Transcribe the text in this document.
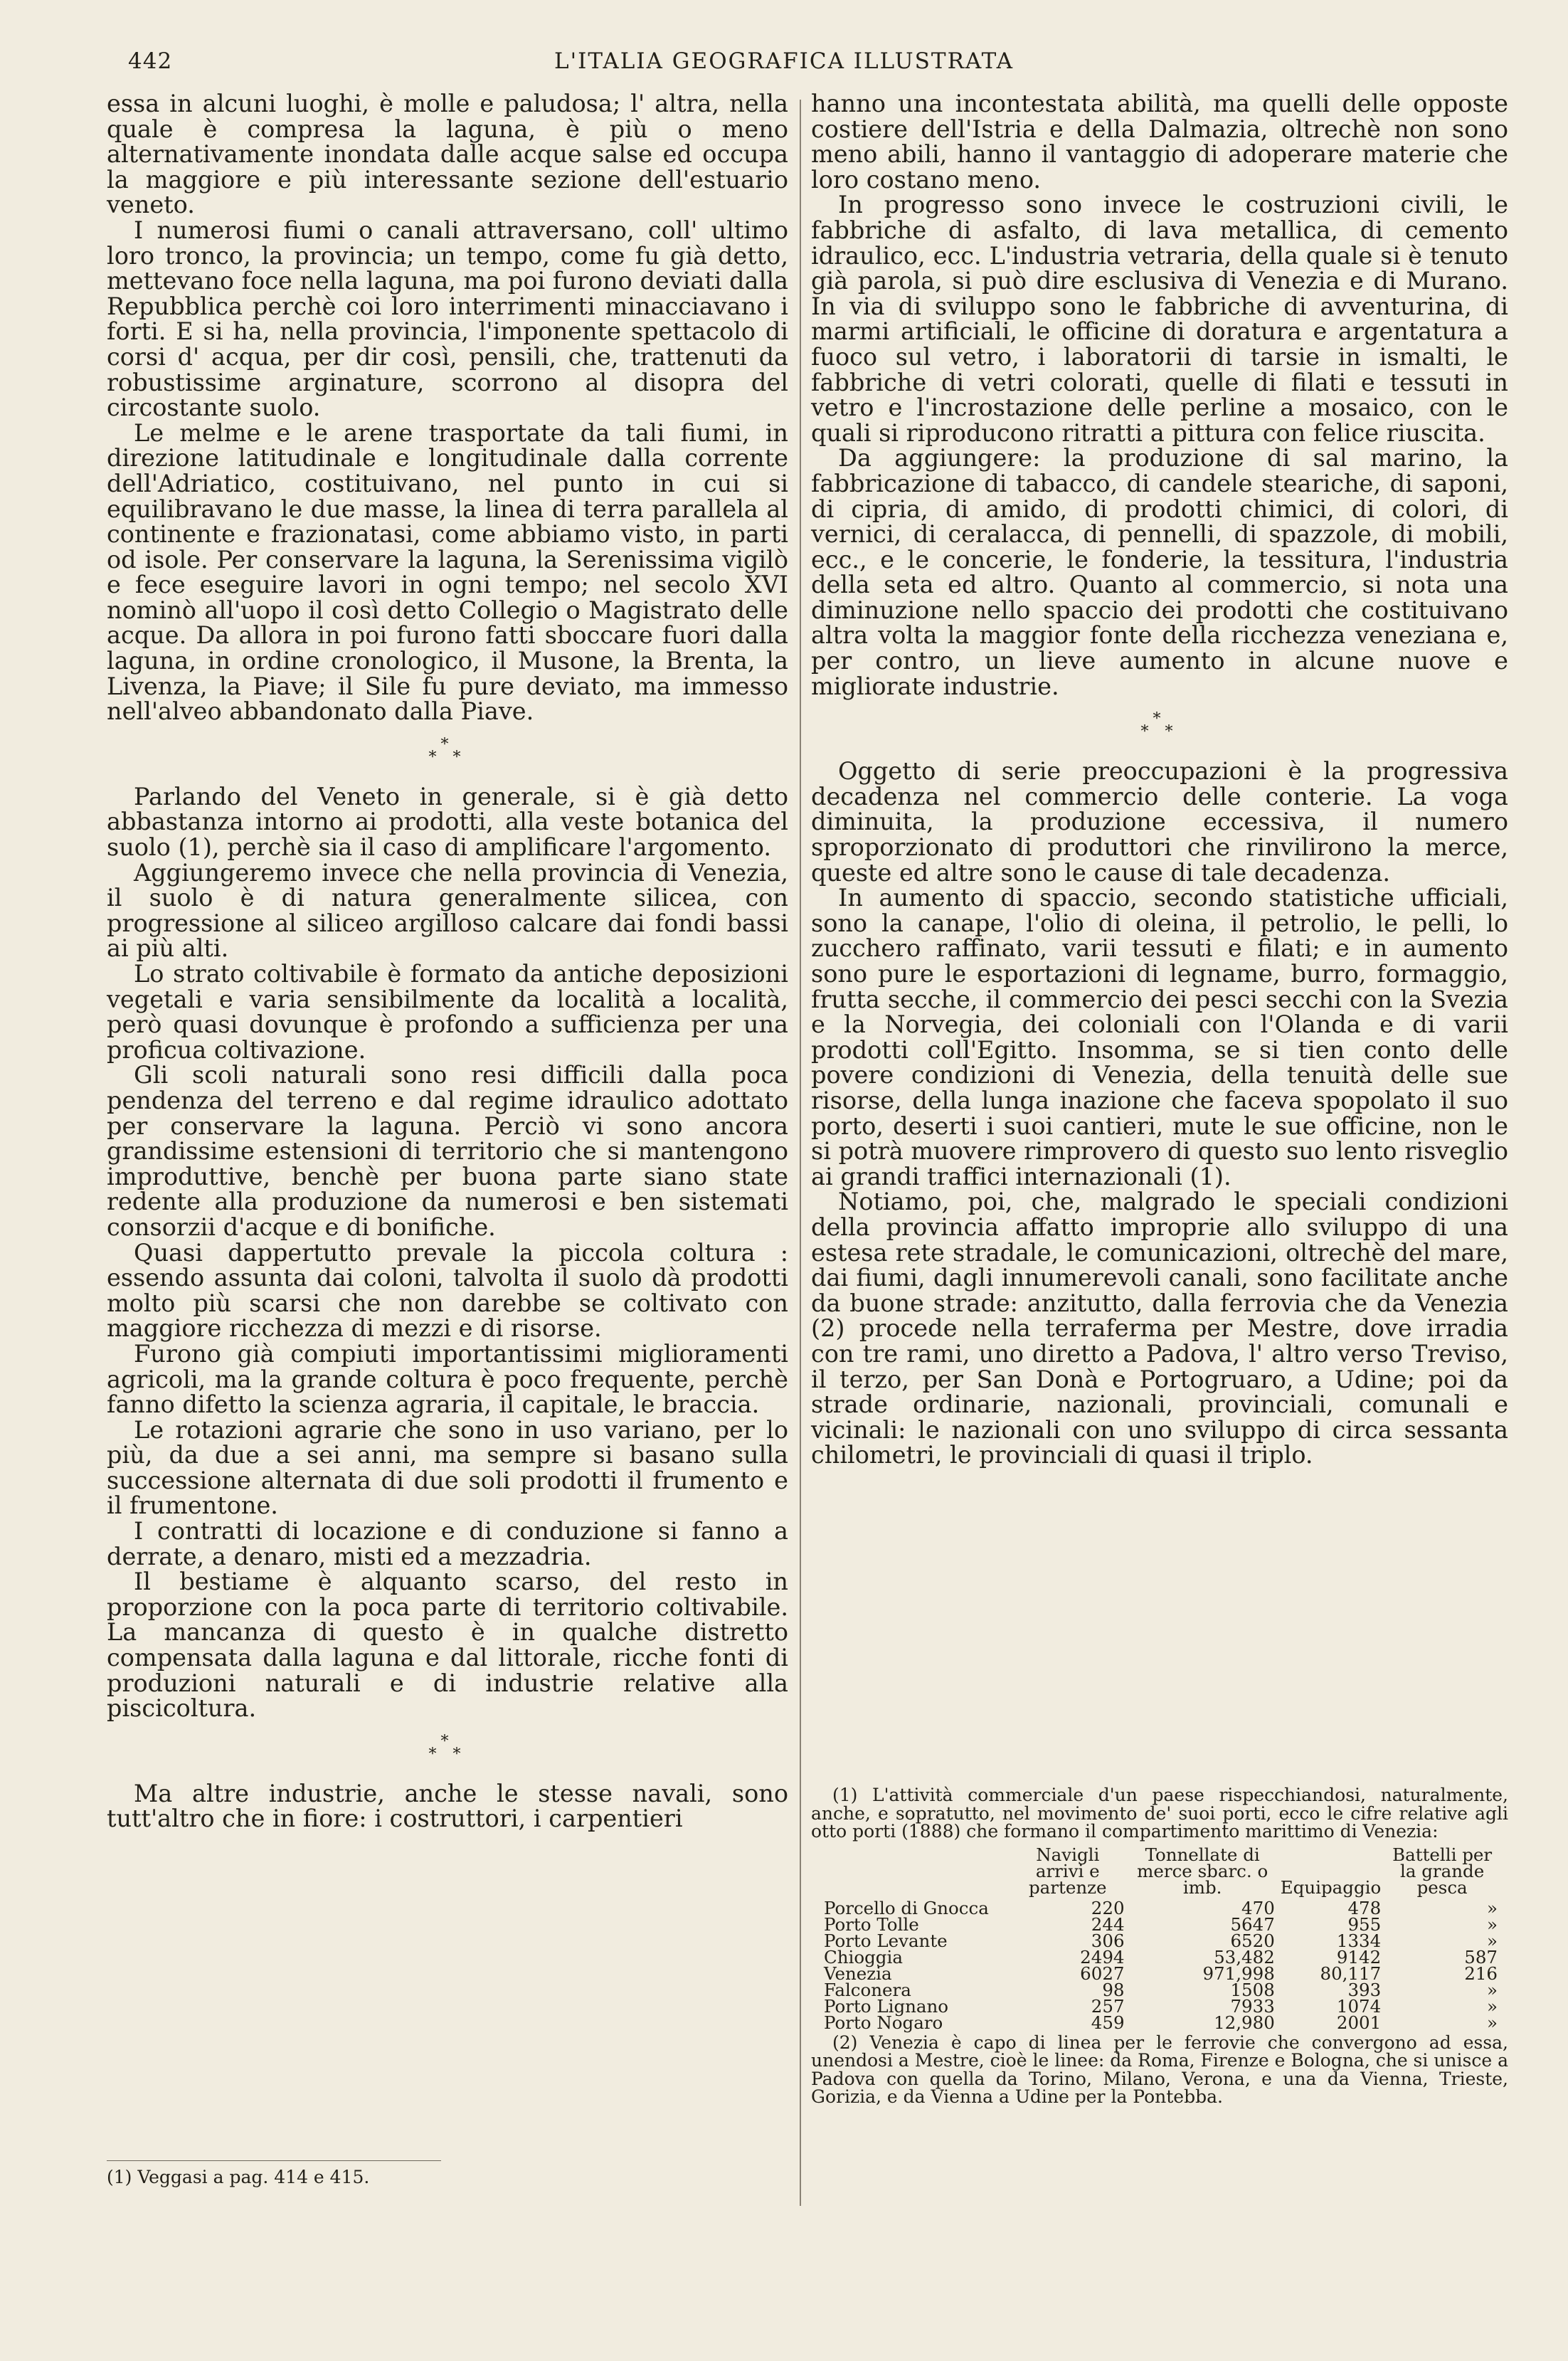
442	L'ITALIA GEOGRAFICA ILLUSTRATA

essa in alcuni luoghi, è molle e paludosa; l' altra, nella quale è compresa la laguna, è più o meno alternativamente inondata dalle acque salse ed occupa la maggiore e più interessante sezione dell'estuario veneto.

I numerosi fiumi o canali attraversano, coll' ultimo loro tronco, la provincia; un tempo, come fu già detto, mettevano foce nella laguna, ma poi furono deviati dalla Repubblica perchè coi loro interrimenti minacciavano i forti. E si ha, nella provincia, l'imponente spettacolo di corsi d' acqua, per dir così, pensili, che, trattenuti da robustissime arginature, scorrono al disopra del circostante suolo.

Le melme e le arene trasportate da tali fiumi, in direzione latitudinale e longitudinale dalla corrente dell'Adriatico, costituivano, nel punto in cui si equilibravano le due masse, la linea di terra parallela al continente e frazionatasi, come abbiamo visto, in parti od isole. Per conservare la laguna, la Serenissima vigilò e fece eseguire lavori in ogni tempo; nel secolo XVI nominò all'uopo il così detto Collegio o Magistrato delle acque. Da allora in poi furono fatti sboccare fuori dalla laguna, in ordine cronologico, il Musone, la Brenta, la Livenza, la Piave; il Sile fu pure deviato, ma immesso nell'alveo abbandonato dalla Piave.

*
* *

Parlando del Veneto in generale, si è già detto abbastanza intorno ai prodotti, alla veste botanica del suolo (1), perchè sia il caso di amplificare l'argomento.

Aggiungeremo invece che nella provincia di Venezia, il suolo è di natura generalmente silicea, con progressione al siliceo argilloso calcare dai fondi bassi ai più alti.

Lo strato coltivabile è formato da antiche deposizioni vegetali e varia sensibilmente da località a località, però quasi dovunque è profondo a sufficienza per una proficua coltivazione.

Gli scoli naturali sono resi difficili dalla poca pendenza del terreno e dal regime idraulico adottato per conservare la laguna. Perciò vi sono ancora grandissime estensioni di territorio che si mantengono improduttive, benchè per buona parte siano state redente alla produzione da numerosi e ben sistemati consorzii d'acque e di bonifiche.

Quasi dappertutto prevale la piccola coltura : essendo assunta dai coloni, talvolta il suolo dà prodotti molto più scarsi che non darebbe se coltivato con maggiore ricchezza di mezzi e di risorse.

Furono già compiuti importantissimi miglioramenti agricoli, ma la grande coltura è poco frequente, perchè fanno difetto la scienza agraria, il capitale, le braccia.

Le rotazioni agrarie che sono in uso variano, per lo più, da due a sei anni, ma sempre si basano sulla successione alternata di due soli prodotti il frumento e il frumentone.

I contratti di locazione e di conduzione si fanno a derrate, a denaro, misti ed a mezzadria.

Il bestiame è alquanto scarso, del resto in proporzione con la poca parte di territorio coltivabile. La mancanza di questo è in qualche distretto compensata dalla laguna e dal littorale, ricche fonti di produzioni naturali e di industrie relative alla piscicoltura.

*
* *

Ma altre industrie, anche le stesse navali, sono tutt'altro che in fiore: i costruttori, i carpentieri

(1) Veggasi a pag. 414 e 415.

hanno una incontestata abilità, ma quelli delle opposte costiere dell'Istria e della Dalmazia, oltrechè non sono meno abili, hanno il vantaggio di adoperare materie che loro costano meno.

In progresso sono invece le costruzioni civili, le fabbriche di asfalto, di lava metallica, di cemento idraulico, ecc. L'industria vetraria, della quale si è tenuto già parola, si può dire esclusiva di Venezia e di Murano. In via di sviluppo sono le fabbriche di avventurina, di marmi artificiali, le officine di doratura e argentatura a fuoco sul vetro, i laboratorii di tarsie in ismalti, le fabbriche di vetri colorati, quelle di filati e tessuti in vetro e l'incrostazione delle perline a mosaico, con le quali si riproducono ritratti a pittura con felice riuscita.

Da aggiungere: la produzione di sal marino, la fabbricazione di tabacco, di candele steariche, di saponi, di cipria, di amido, di prodotti chimici, di colori, di vernici, di ceralacca, di pennelli, di spazzole, di mobili, ecc., e le concerie, le fonderie, la tessitura, l'industria della seta ed altro. Quanto al commercio, si nota una diminuzione nello spaccio dei prodotti che costituivano altra volta la maggior fonte della ricchezza veneziana e, per contro, un lieve aumento in alcune nuove e migliorate industrie.

*
* *

Oggetto di serie preoccupazioni è la progressiva decadenza nel commercio delle conterie. La voga diminuita, la produzione eccessiva, il numero sproporzionato di produttori che rinvilirono la merce, queste ed altre sono le cause di tale decadenza.

In aumento di spaccio, secondo statistiche ufficiali, sono la canape, l'olio di oleina, il petrolio, le pelli, lo zucchero raffinato, varii tessuti e filati; e in aumento sono pure le esportazioni di legname, burro, formaggio, frutta secche, il commercio dei pesci secchi con la Svezia e la Norvegia, dei coloniali con l'Olanda e di varii prodotti coll'Egitto. Insomma, se si tien conto delle povere condizioni di Venezia, della tenuità delle sue risorse, della lunga inazione che faceva spopolato il suo porto, deserti i suoi cantieri, mute le sue officine, non le si potrà muovere rimprovero di questo suo lento risveglio ai grandi traffici internazionali (1).

Notiamo, poi, che, malgrado le speciali condizioni della provincia affatto improprie allo sviluppo di una estesa rete stradale, le comunicazioni, oltrechè del mare, dai fiumi, dagli innumerevoli canali, sono facilitate anche da buone strade: anzitutto, dalla ferrovia che da Venezia (2) procede nella terraferma per Mestre, dove irradia con tre rami, uno diretto a Padova, l' altro verso Treviso, il terzo, per San Donà e Portogruaro, a Udine; poi da strade ordinarie, nazionali, provinciali, comunali e vicinali: le nazionali con uno sviluppo di circa sessanta chilometri, le provinciali di quasi il triplo.

(1) L'attività commerciale d'un paese rispecchiandosi, naturalmente, anche, e sopratutto, nel movimento de' suoi porti, ecco le cifre relative agli otto porti (1888) che formano il compartimento marittimo di Venezia:

	Navigli arrivi e partenze	Tonnellate di merce sbarc. o imb.	Equipaggio	Battelli per la grande pesca
Porcello di Gnocca	220	470	478	»
Porto Tolle	244	5647	955	»
Porto Levante	306	6520	1334	»
Chioggia	2494	53,482	9142	587
Venezia	6027	971,998	80,117	216
Falconera	98	1508	393	»
Porto Lignano	257	7933	1074	»
Porto Nogaro	459	12,980	2001	»

(2) Venezia è capo di linea per le ferrovie che convergono ad essa, unendosi a Mestre, cioè le linee: da Roma, Firenze e Bologna, che si unisce a Padova con quella da Torino, Milano, Verona, e una da Vienna, Trieste, Gorizia, e da Vienna a Udine per la Pontebba.
